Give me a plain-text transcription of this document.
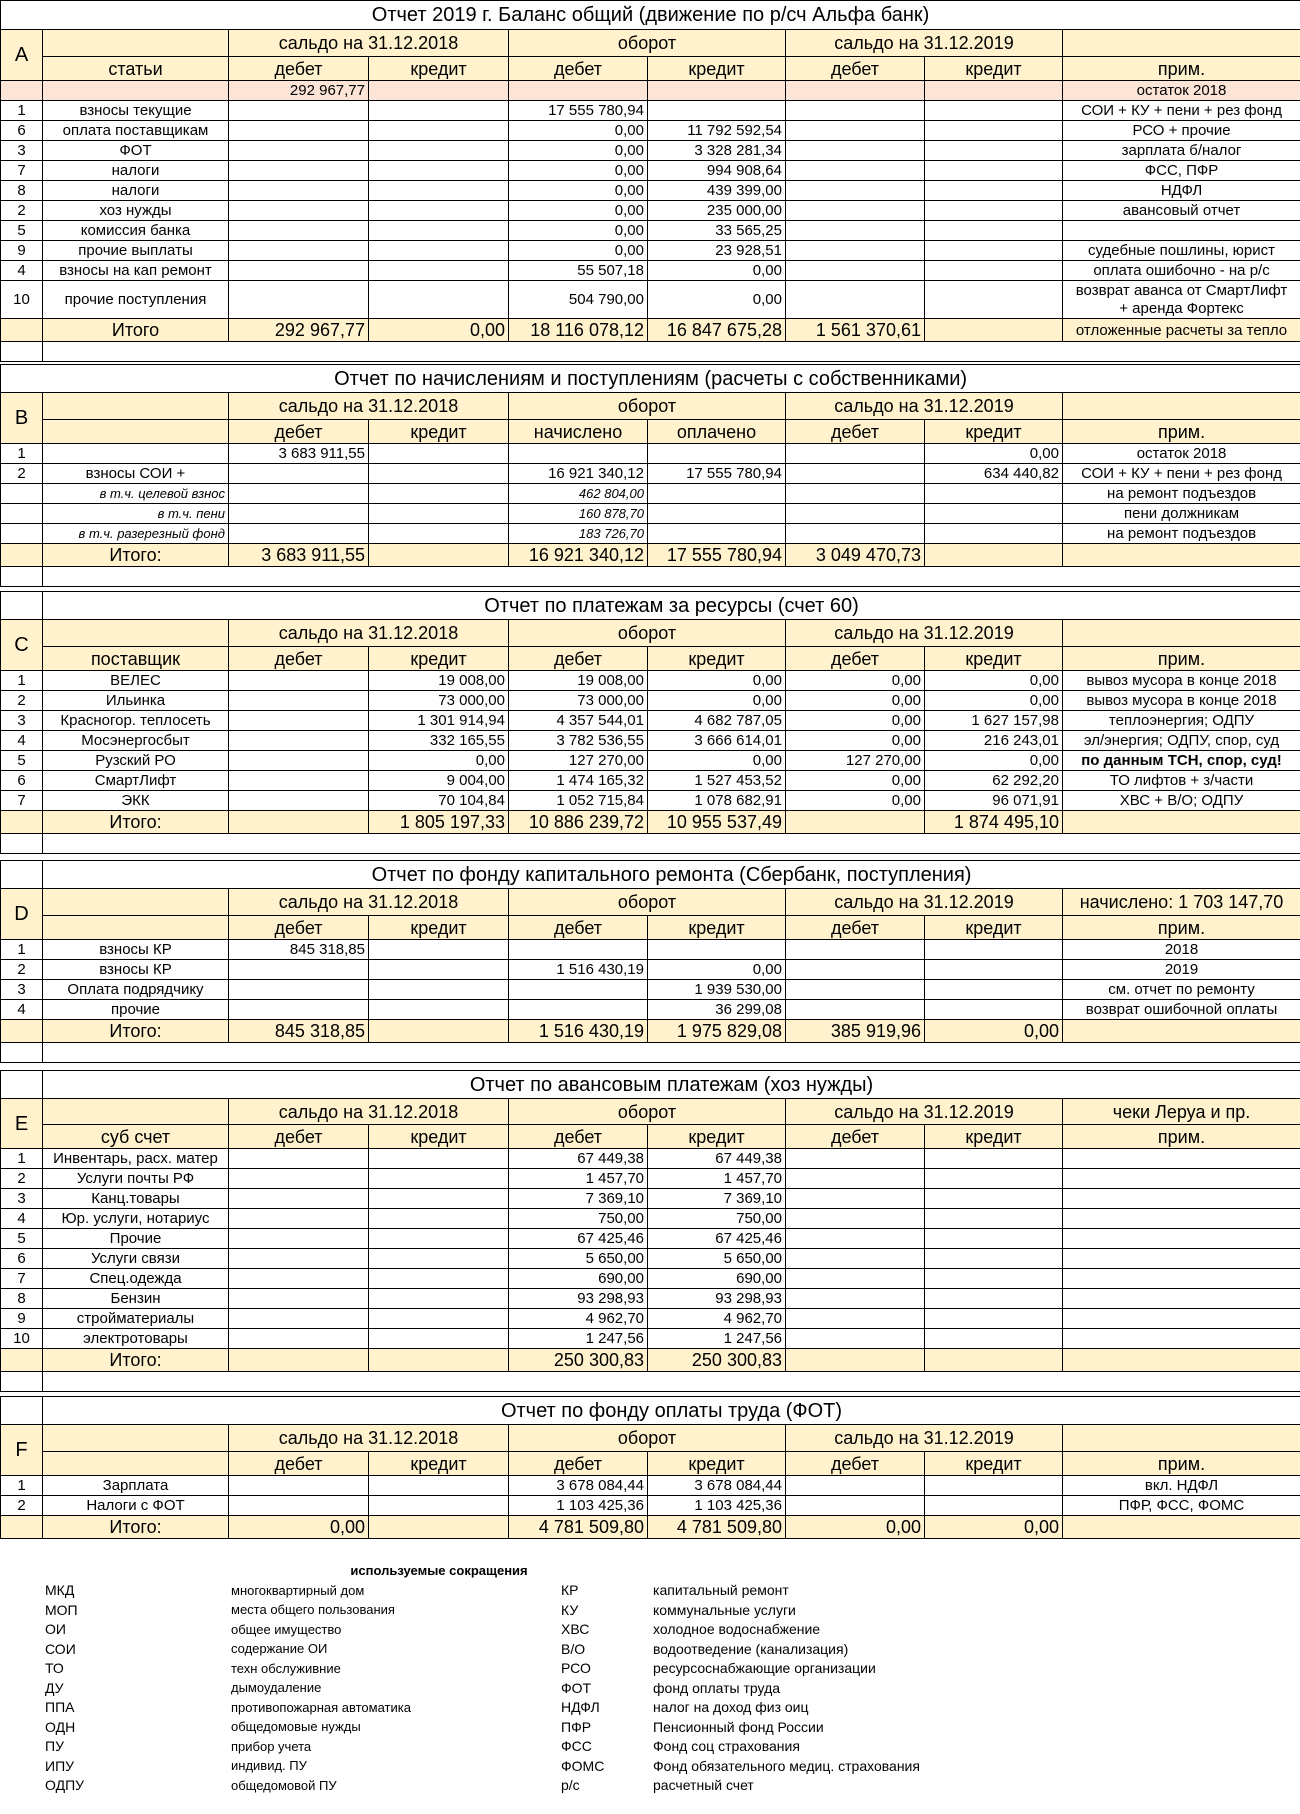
Отчет 2019 г. Баланс общий (движение по р/сч Альфа банк)								
A		сальдо на 31.12.2018		оборот		сальдо на 31.12.2019		
	статьи	дебет	кредит	дебет	кредит	дебет	кредит	прим.
		292 967,77						остаток 2018
1	взносы текущие			17 555 780,94				СОИ + КУ + пени + рез фонд
6	оплата поставщикам			0,00	11 792 592,54			РСО + прочие
3	ФОТ			0,00	3 328 281,34			зарплата б/налог
7	налоги			0,00	994 908,64			ФСС, ПФР
8	налоги			0,00	439 399,00			НДФЛ
2	хоз нужды			0,00	235 000,00			авансовый отчет
5	комиссия банка			0,00	33 565,25			
9	прочие выплаты			0,00	23 928,51			судебные пошлины, юрист
4	взносы на кап ремонт			55 507,18	0,00			оплата ошибочно - на р/с
10	прочие поступления			504 790,00	0,00			возврат аванса от СмартЛифт
+ аренда Фортекс
	Итого	292 967,77	0,00	18 116 078,12	16 847 675,28	1 561 370,61		отложенные расчеты за тепло

Отчет по начислениям и поступлениям (расчеты с собственниками)								
B		сальдо на 31.12.2018		оборот		сальдо на 31.12.2019		
		дебет	кредит	начислено	оплачено	дебет	кредит	прим.
1		3 683 911,55					0,00	остаток 2018
2	взносы СОИ +			16 921 340,12	17 555 780,94		634 440,82	СОИ + КУ + пени + рез фонд
	в т.ч. целевой взнос			462 804,00				на ремонт подъездов
	в т.ч. пени			160 878,70				пени должникам
	в т.ч. разерезный фонд			183 726,70				на ремонт подъездов
	Итого:	3 683 911,55		16 921 340,12	17 555 780,94	3 049 470,73		

	Отчет по платежам за ресурсы (счет 60)							
C		сальдо на 31.12.2018		оборот		сальдо на 31.12.2019		
	поставщик	дебет	кредит	дебет	кредит	дебет	кредит	прим.
1	ВЕЛЕС		19 008,00	19 008,00	0,00	0,00	0,00	вывоз мусора в конце 2018
2	Ильинка		73 000,00	73 000,00	0,00	0,00	0,00	вывоз мусора в конце 2018
3	Красногор. теплосеть		1 301 914,94	4 357 544,01	4 682 787,05	0,00	1 627 157,98	теплоэнергия; ОДПУ
4	Мосэнергосбыт		332 165,55	3 782 536,55	3 666 614,01	0,00	216 243,01	эл/энергия; ОДПУ, спор, суд
5	Рузский РО		0,00	127 270,00	0,00	127 270,00	0,00	по данным ТСН, спор, суд!
6	СмартЛифт		9 004,00	1 474 165,32	1 527 453,52	0,00	62 292,20	ТО лифтов + з/части
7	ЭКК		70 104,84	1 052 715,84	1 078 682,91	0,00	96 071,91	ХВС + В/О; ОДПУ
	Итого:		1 805 197,33	10 886 239,72	10 955 537,49		1 874 495,10	

	Отчет по фонду капитального ремонта (Сбербанк, поступления)							
D		сальдо на 31.12.2018		оборот		сальдо на 31.12.2019		начислено: 1 703 147,70
		дебет	кредит	дебет	кредит	дебет	кредит	прим.
1	взносы КР	845 318,85						2018
2	взносы КР			1 516 430,19	0,00			2019
3	Оплата подрядчику				1 939 530,00			см. отчет по ремонту
4	прочие				36 299,08			возврат ошибочной оплаты
	Итого:	845 318,85		1 516 430,19	1 975 829,08	385 919,96	0,00	

	Отчет по авансовым платежам (хоз нужды)							
E		сальдо на 31.12.2018		оборот		сальдо на 31.12.2019		чеки Леруа и пр.
	суб счет	дебет	кредит	дебет	кредит	дебет	кредит	прим.
1	Инвентарь, расх. матер			67 449,38	67 449,38			
2	Услуги почты РФ			1 457,70	1 457,70			
3	Канц.товары			7 369,10	7 369,10			
4	Юр. услуги, нотариус			750,00	750,00			
5	Прочие			67 425,46	67 425,46			
6	Услуги связи			5 650,00	5 650,00			
7	Спец.одежда			690,00	690,00			
8	Бензин			93 298,93	93 298,93			
9	стройматериалы			4 962,70	4 962,70			
10	электротовары			1 247,56	1 247,56			
	Итого:			250 300,83	250 300,83			

	Отчет по фонду оплаты труда (ФОТ)							
F		сальдо на 31.12.2018		оборот		сальдо на 31.12.2019		
		дебет	кредит	дебет	кредит	дебет	кредит	прим.
1	Зарплата			3 678 084,44	3 678 084,44			вкл. НДФЛ
2	Налоги с ФОТ			1 103 425,36	1 103 425,36			ПФР, ФСС, ФОМС
	Итого:	0,00		4 781 509,80	4 781 509,80	0,00	0,00	
		используемые сокращения			
	МКД	многоквартирный дом	КР	капитальный ремонт	
	МОП	места общего пользования	КУ	коммунальные услуги	
	ОИ	общее имущество	ХВС	холодное водоснабжение	
	СОИ	содержание ОИ	В/О	водоотведение (канализация)	
	ТО	техн обслуживние	РСО	ресурсоснабжающие организации	
	ДУ	дымоудаление	ФОТ	фонд оплаты труда	
	ППА	противопожарная автоматика	НДФЛ	налог на доход физ оиц	
	ОДН	общедомовые нужды	ПФР	Пенсионный фонд России	
	ПУ	прибор учета	ФСС	Фонд соц страхования	
	ИПУ	индивид. ПУ	ФОМС	Фонд обязательного медиц. страхования	
	ОДПУ	общедомовой ПУ	р/с	расчетный счет	
